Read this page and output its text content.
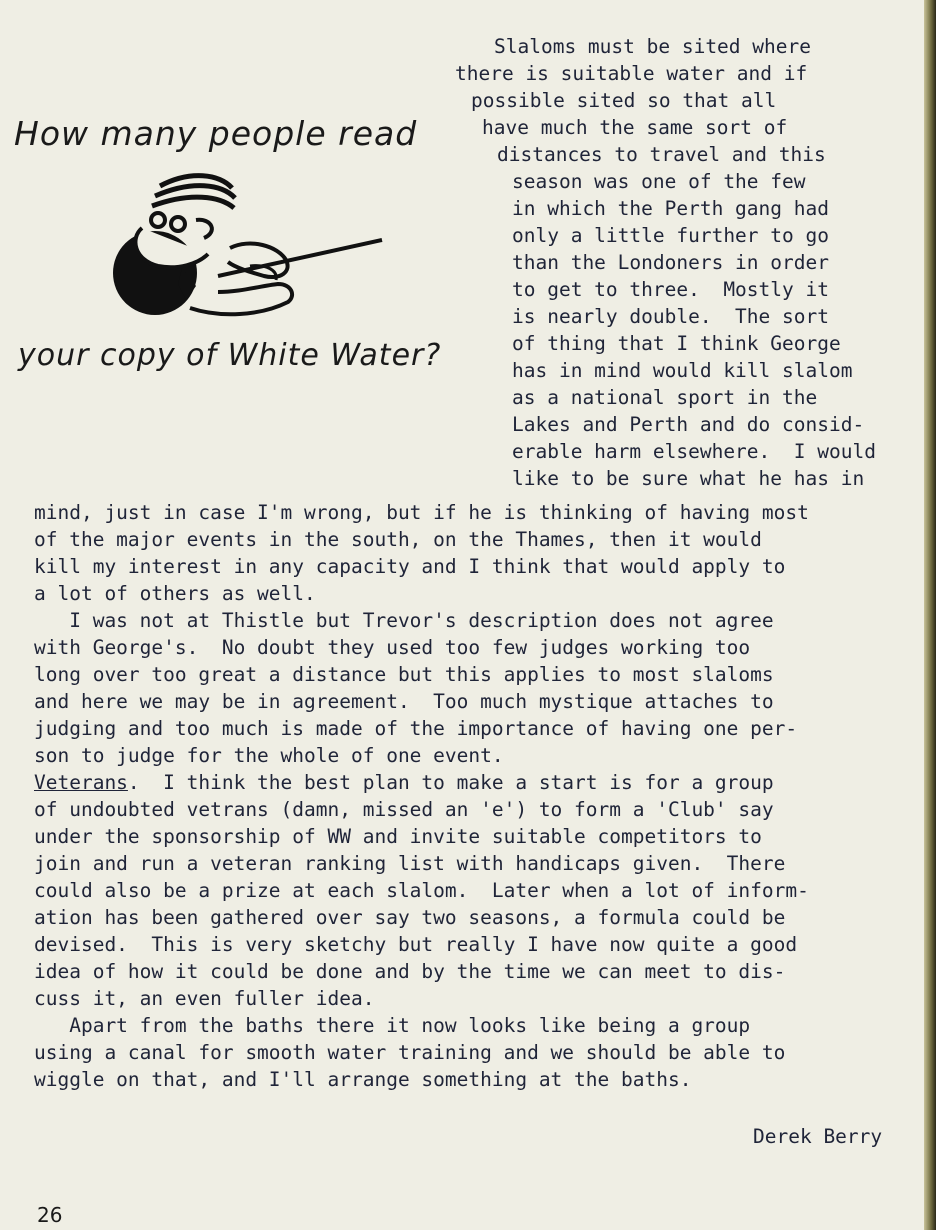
How many people read
your copy of White Water?
Slaloms must be sited where
there is suitable water and if
possible sited so that all
have much the same sort of
distances to travel and this
season was one of the few
in which the Perth gang had
only a little further to go
than the Londoners in order
to get to three.  Mostly it
is nearly double.  The sort
of thing that I think George
has in mind would kill slalom
as a national sport in the
Lakes and Perth and do consid-
erable harm elsewhere.  I would
like to be sure what he has in
mind, just in case I'm wrong, but if he is thinking of having most
of the major events in the south, on the Thames, then it would
kill my interest in any capacity and I think that would apply to
a lot of others as well.
I was not at Thistle but Trevor's description does not agree
with George's.  No doubt they used too few judges working too
long over too great a distance but this applies to most slaloms
and here we may be in agreement.  Too much mystique attaches to
judging and too much is made of the importance of having one per-
son to judge for the whole of one event.
Veterans.  I think the best plan to make a start is for a group
of undoubted vetrans (damn, missed an 'e') to form a 'Club' say
under the sponsorship of WW and invite suitable competitors to
join and run a veteran ranking list with handicaps given.  There
could also be a prize at each slalom.  Later when a lot of inform-
ation has been gathered over say two seasons, a formula could be
devised.  This is very sketchy but really I have now quite a good
idea of how it could be done and by the time we can meet to dis-
cuss it, an even fuller idea.
Apart from the baths there it now looks like being a group
using a canal for smooth water training and we should be able to
wiggle on that, and I'll arrange something at the baths.
Derek Berry
26
